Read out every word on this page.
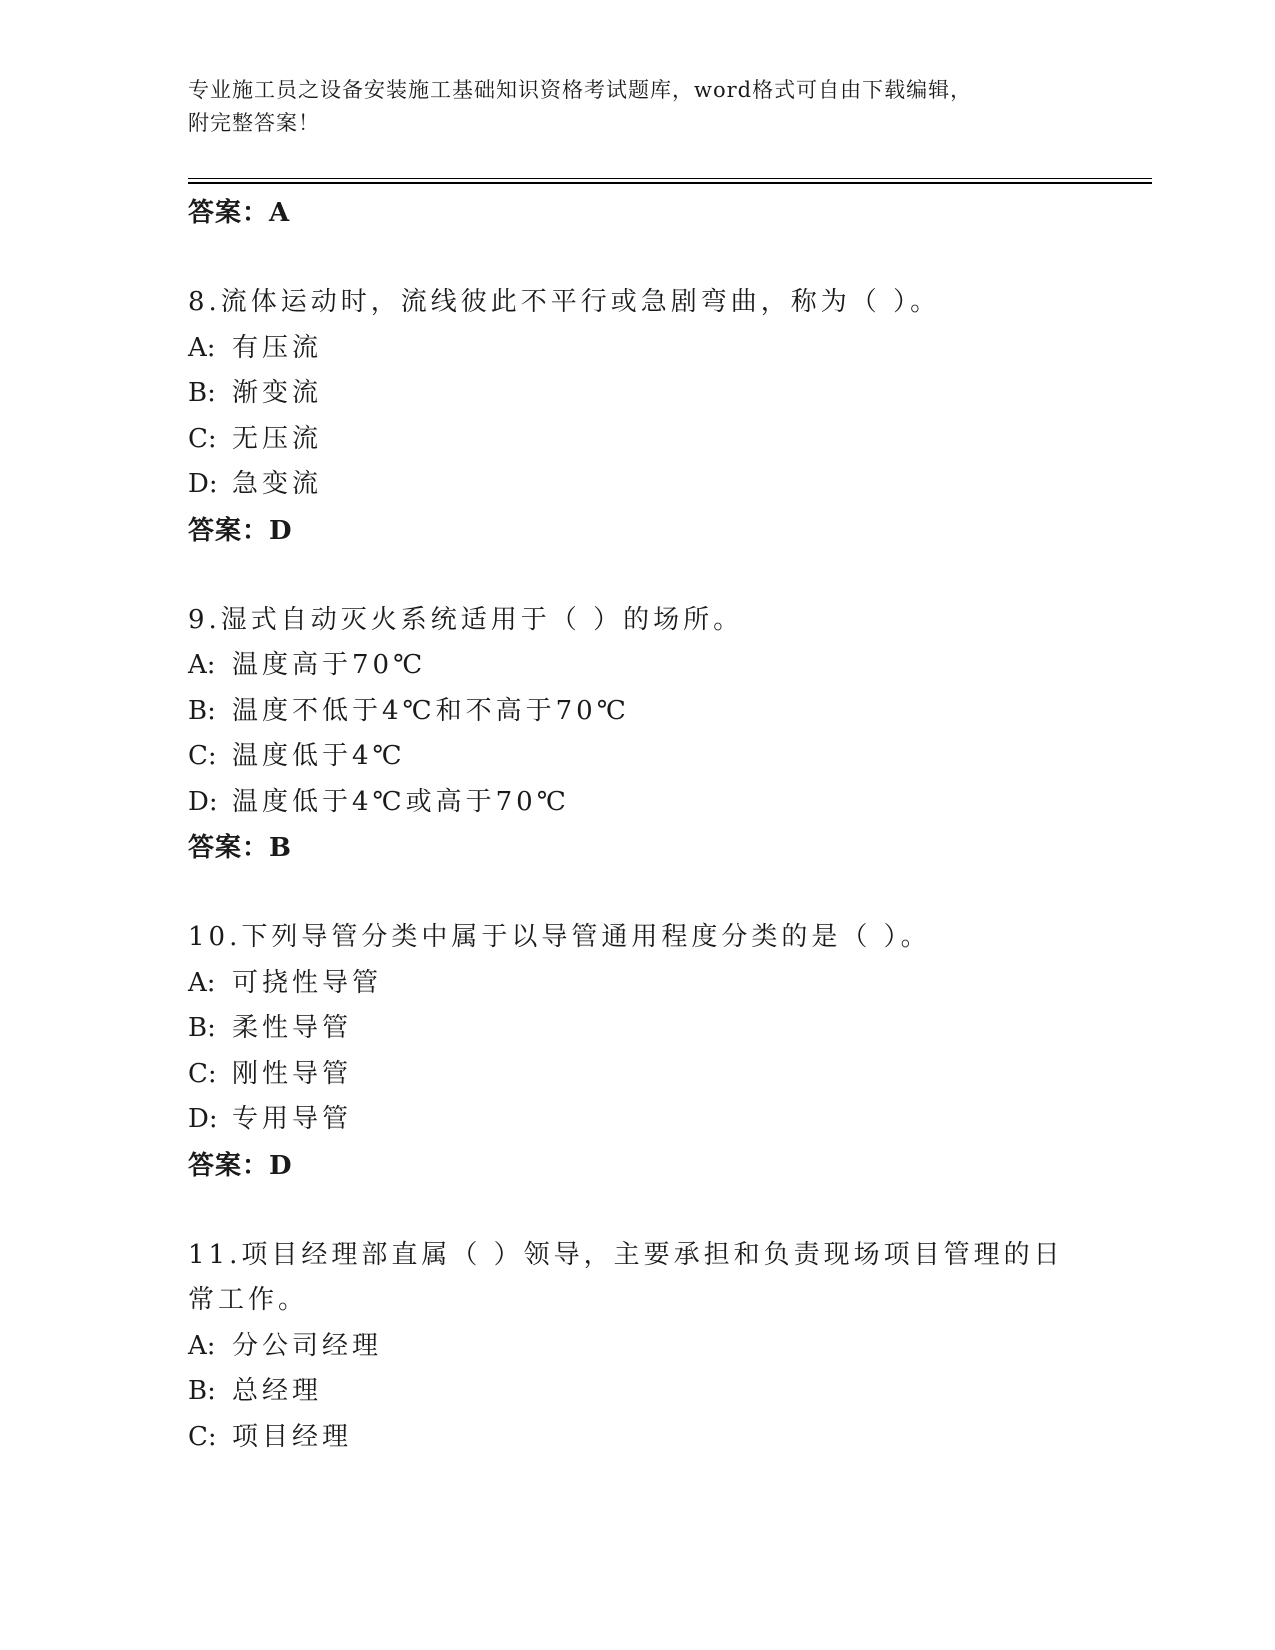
专业施工员之设备安装施工基础知识资格考试题库，word格式可自由下载编辑，
附完整答案！
答案：A
8.流体运动时，流线彼此不平行或急剧弯曲，称为（ ）。
A: 有压流
B: 渐变流
C: 无压流
D: 急变流
答案：D
9.湿式自动灭火系统适用于（ ）的场所。
A: 温度高于70℃
B: 温度不低于4℃和不高于70℃
C: 温度低于4℃
D: 温度低于4℃或高于70℃
答案：B
10.下列导管分类中属于以导管通用程度分类的是（ ）。
A: 可挠性导管
B: 柔性导管
C: 刚性导管
D: 专用导管
答案：D
11.项目经理部直属（ ）领导，主要承担和负责现场项目管理的日常工作。
A: 分公司经理
B: 总经理
C: 项目经理
